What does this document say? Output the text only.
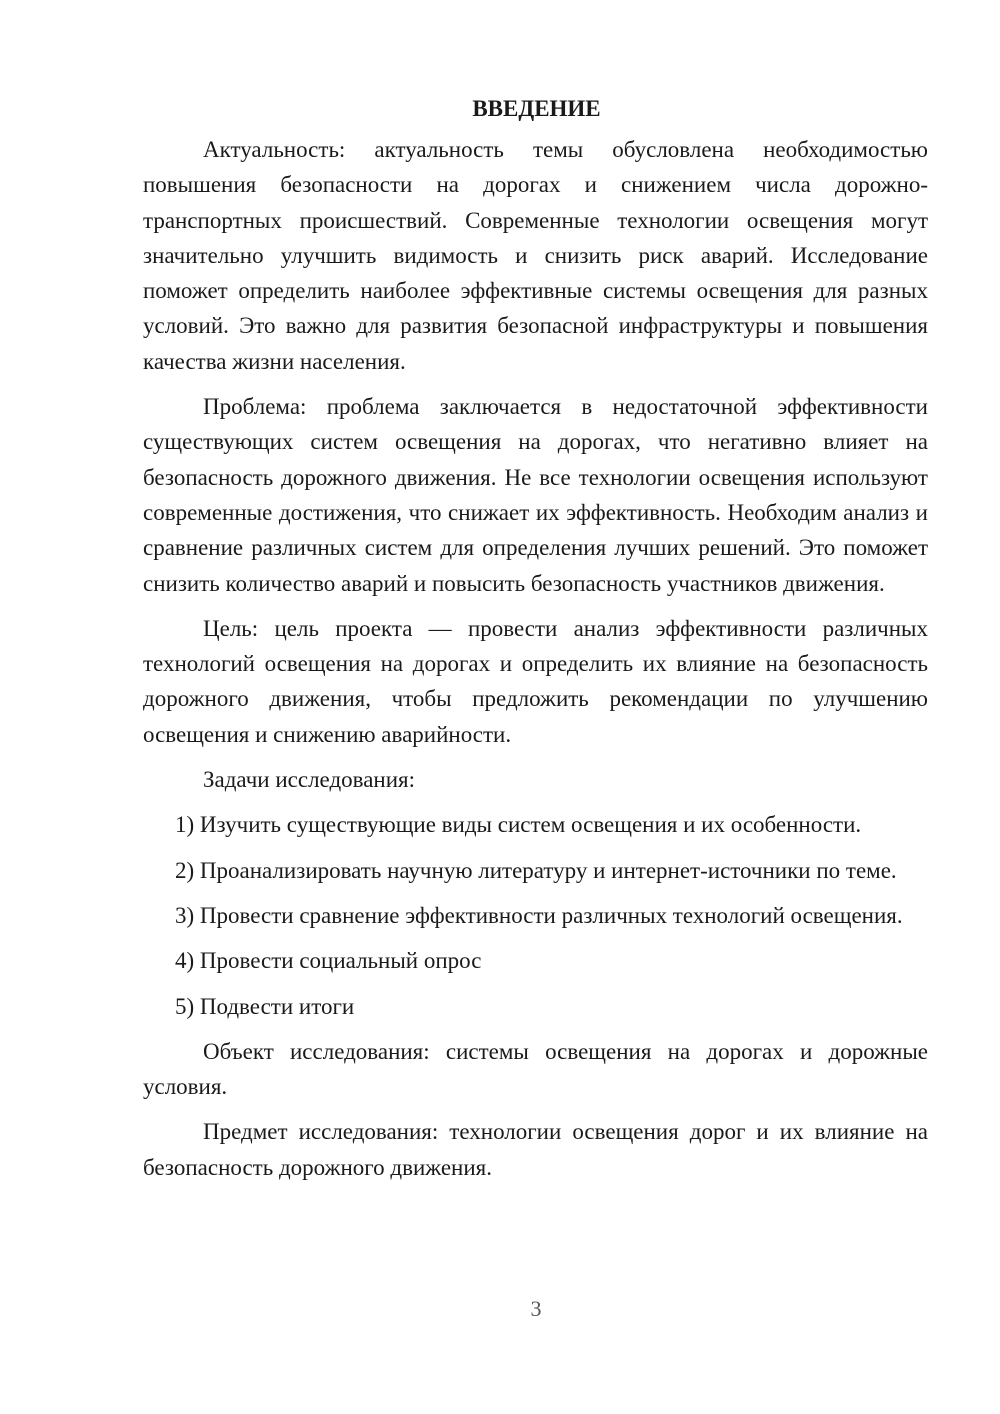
ВВЕДЕНИЕ

Актуальность: актуальность темы обусловлена необходимостью повышения безопасности на дорогах и снижением числа дорожно-транспортных происшествий. Современные технологии освещения могут значительно улучшить видимость и снизить риск аварий. Исследование поможет определить наиболее эффективные системы освещения для разных условий. Это важно для развития безопасной инфраструктуры и повышения качества жизни населения.

Проблема: проблема заключается в недостаточной эффективности существующих систем освещения на дорогах, что негативно влияет на безопасность дорожного движения. Не все технологии освещения используют современные достижения, что снижает их эффективность. Необходим анализ и сравнение различных систем для определения лучших решений. Это поможет снизить количество аварий и повысить безопасность участников движения.

Цель: цель проекта — провести анализ эффективности различных технологий освещения на дорогах и определить их влияние на безопасность дорожного движения, чтобы предложить рекомендации по улучшению освещения и снижению аварийности.

Задачи исследования:

1) Изучить существующие виды систем освещения и их особенности.

2) Проанализировать научную литературу и интернет-источники по теме.

3) Провести сравнение эффективности различных технологий освещения.

4) Провести социальный опрос

5) Подвести итоги

Объект исследования: системы освещения на дорогах и дорожные условия.

Предмет исследования: технологии освещения дорог и их влияние на безопасность дорожного движения.

3
